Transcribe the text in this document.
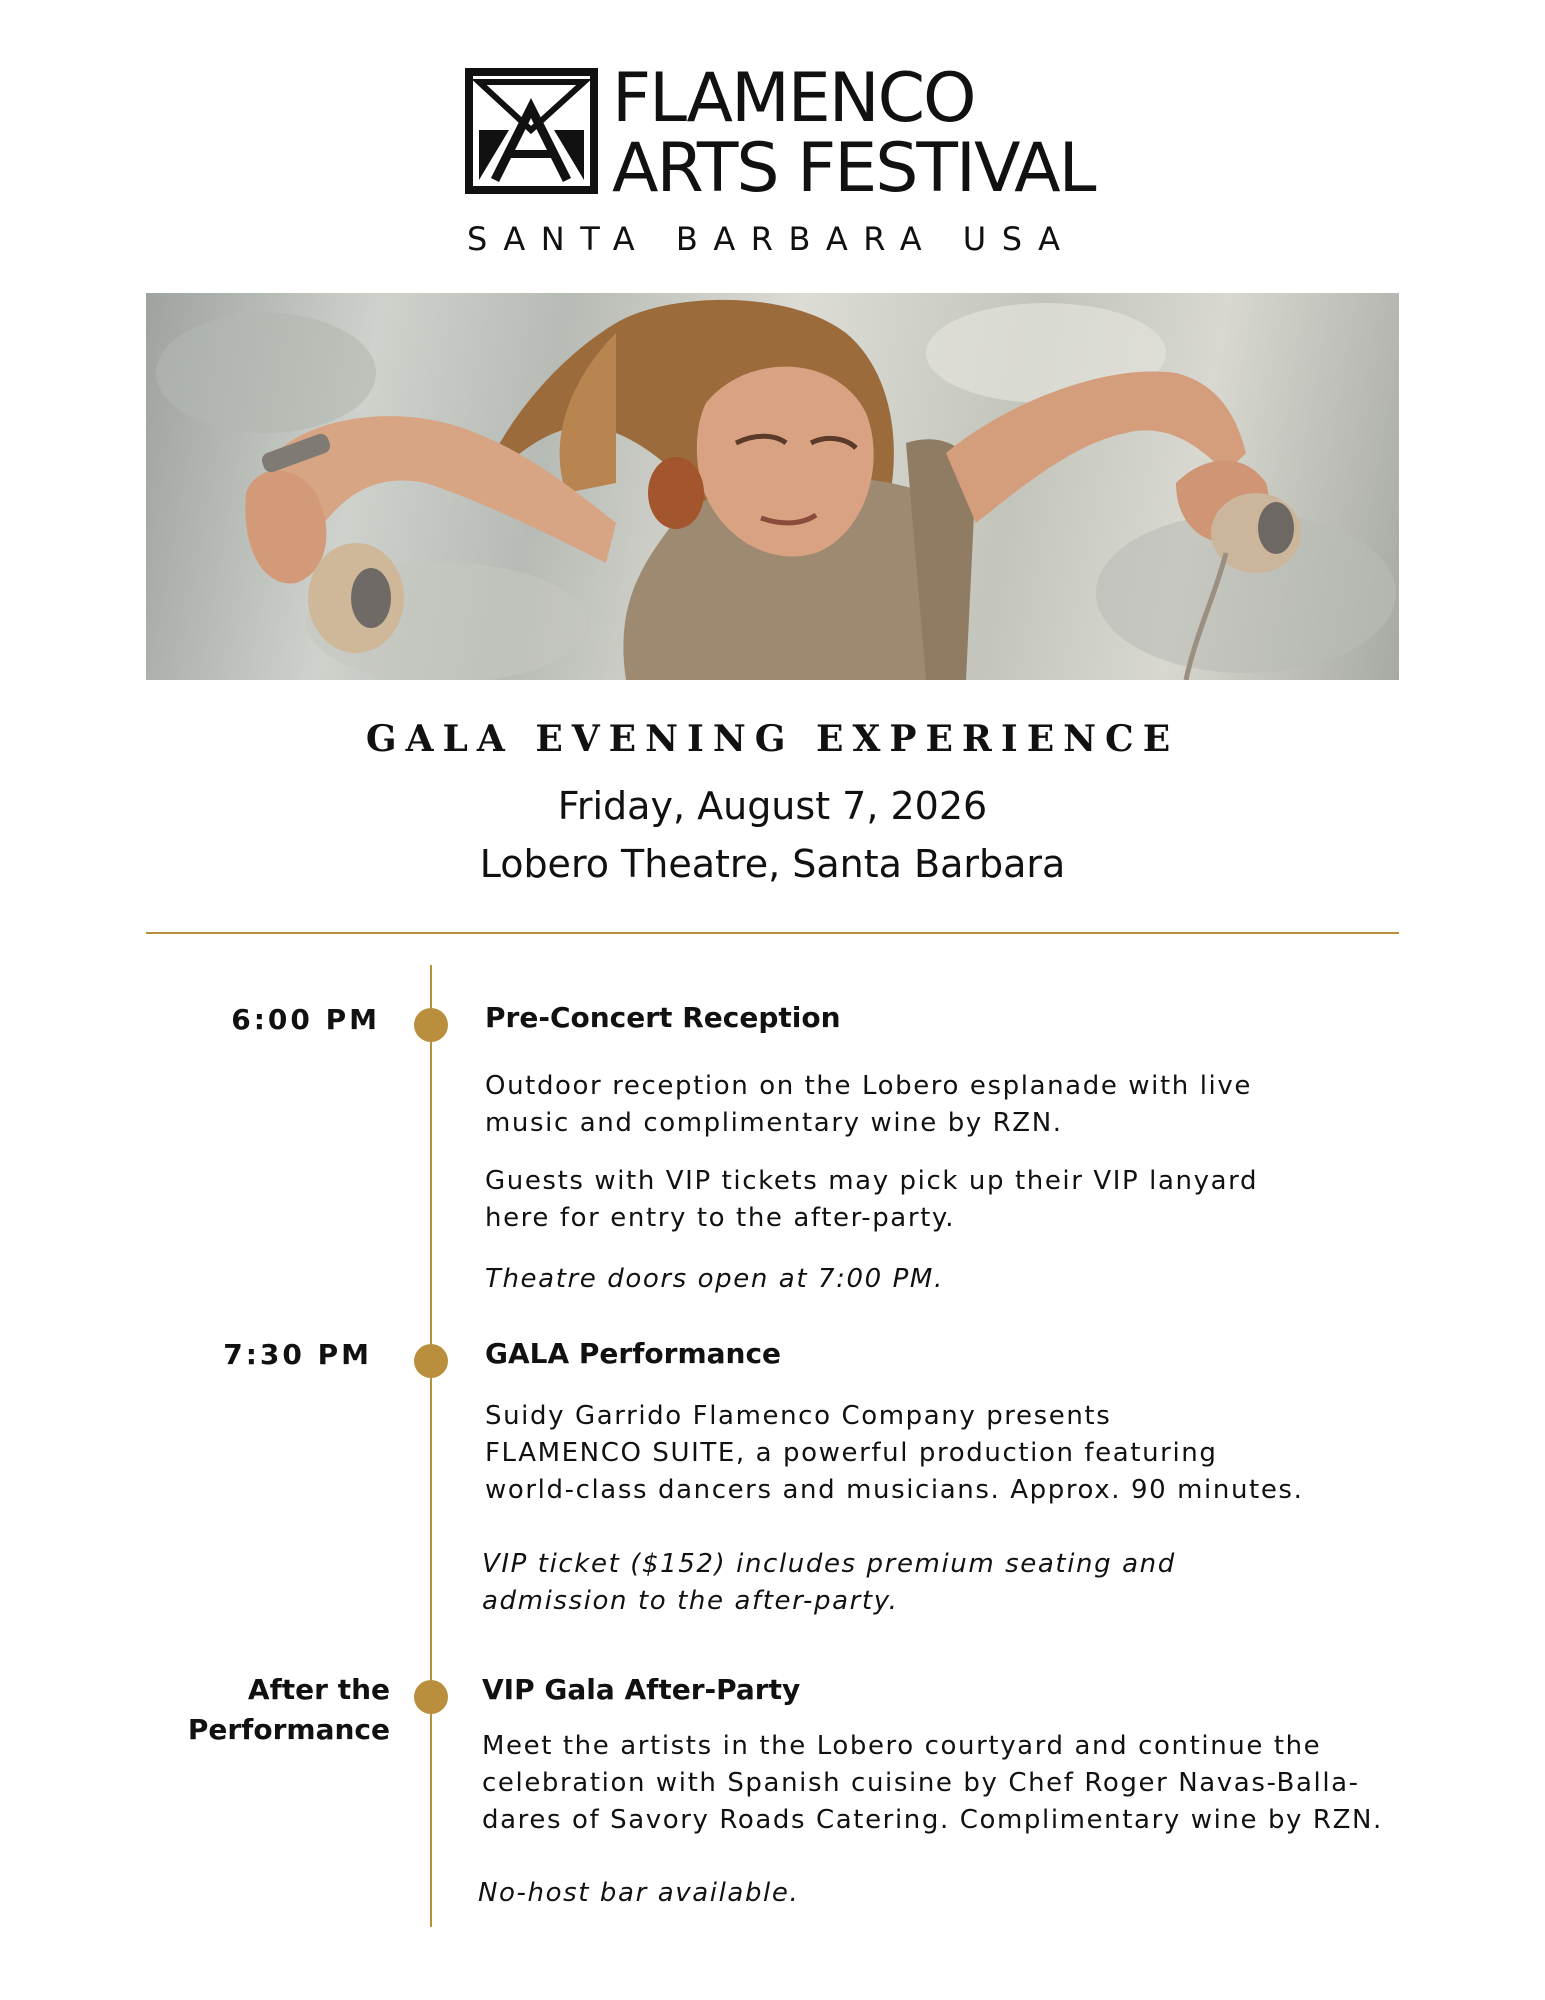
FLAMENCO
ARTS FESTIVAL
SANTA BARBARA USA
GALA EVENING EXPERIENCE
Friday, August 7, 2026
Lobero Theatre, Santa Barbara
6:00 PM	Pre-Concert Reception
Outdoor reception on the Lobero esplanade with live
music and complimentary wine by RZN.
Guests with VIP tickets may pick up their VIP lanyard
here for entry to the after-party.
Theatre doors open at 7:00 PM.
7:30 PM	GALA Performance
Suidy Garrido Flamenco Company presents
FLAMENCO SUITE, a powerful production featuring
world-class dancers and musicians. Approx. 90 minutes.
VIP ticket ($152) includes premium seating and
admission to the after-party.
After the
Performance
VIP Gala After-Party
Meet the artists in the Lobero courtyard and continue the
celebration with Spanish cuisine by Chef Roger Navas-Balla-
dares of Savory Roads Catering. Complimentary wine by RZN.
No-host bar available.
